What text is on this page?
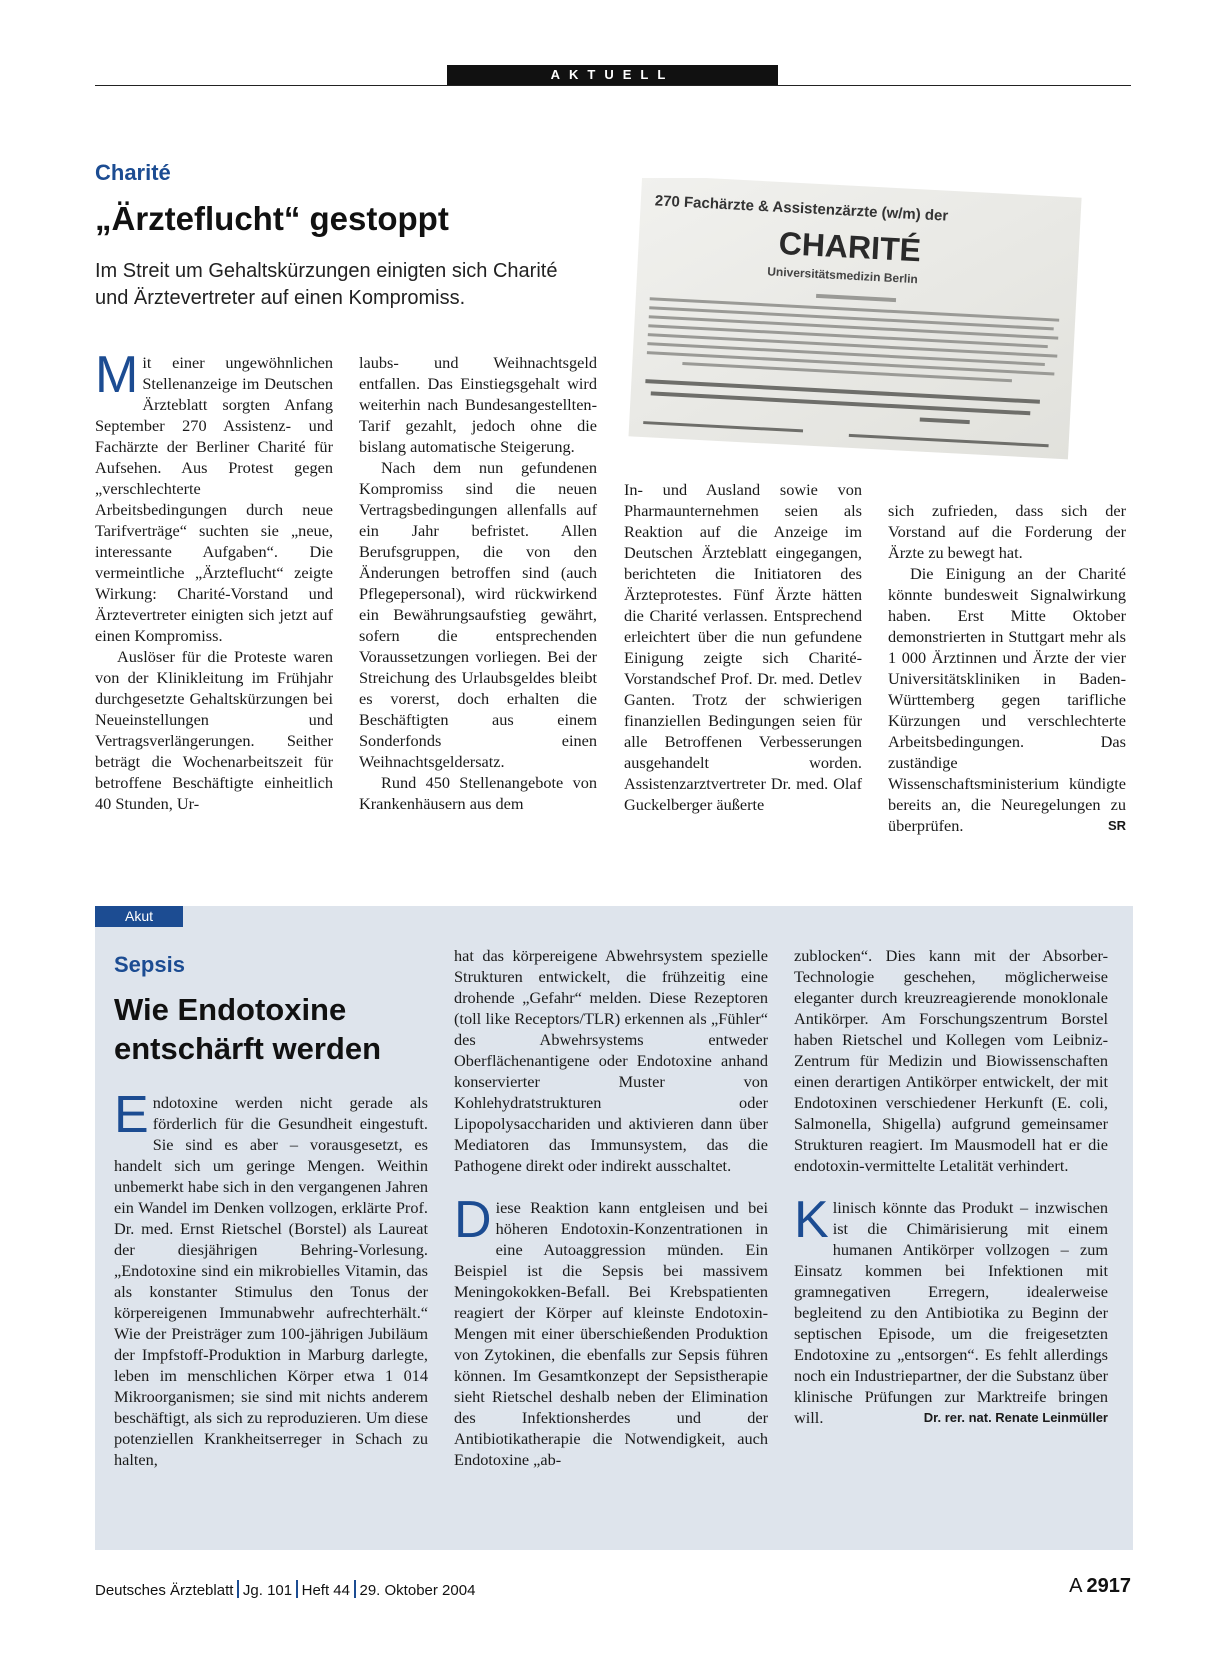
AKTUELL
Charité
„Ärzteflucht“ gestoppt
Im Streit um Gehaltskürzungen einigten sich Charité und Ärztevertreter auf einen Kompromiss.

Mit einer ungewöhnlichen Stellenanzeige im Deutschen Ärzteblatt sorgten Anfang September 270 Assistenz- und Fachärzte der Berliner Charité für Aufsehen. Aus Protest gegen „verschlechterte Arbeitsbedingungen durch neue Tarifverträge“ suchten sie „neue, interessante Aufgaben“. Die vermeintliche „Ärzteflucht“ zeigte Wirkung: Charité-Vorstand und Ärztevertreter einigten sich jetzt auf einen Kompromiss.

Auslöser für die Proteste waren von der Klinikleitung im Frühjahr durchgesetzte Gehaltskürzungen bei Neueinstellungen und Vertragsverlängerungen. Seither beträgt die Wochenarbeitszeit für betroffene Beschäftigte einheitlich 40 Stunden, Ur-

laubs- und Weihnachtsgeld entfallen. Das Einstiegsgehalt wird weiterhin nach Bundesangestellten-Tarif gezahlt, jedoch ohne die bislang automatische Steigerung.

Nach dem nun gefundenen Kompromiss sind die neuen Vertragsbedingungen allenfalls auf ein Jahr befristet. Allen Berufsgruppen, die von den Änderungen betroffen sind (auch Pflegepersonal), wird rückwirkend ein Bewährungsaufstieg gewährt, sofern die entsprechenden Voraussetzungen vorliegen. Bei der Streichung des Urlaubsgeldes bleibt es vorerst, doch erhalten die Beschäftigten aus einem Sonderfonds einen Weihnachtsgeldersatz.

Rund 450 Stellenangebote von Krankenhäusern aus dem

In- und Ausland sowie von Pharmaunternehmen seien als Reaktion auf die Anzeige im Deutschen Ärzteblatt eingegangen, berichteten die Initiatoren des Ärzteprotestes. Fünf Ärzte hätten die Charité verlassen. Entsprechend erleichtert über die nun gefundene Einigung zeigte sich Charité-Vorstandschef Prof. Dr. med. Detlev Ganten. Trotz der schwierigen finanziellen Bedingungen seien für alle Betroffenen Verbesserungen ausgehandelt worden. Assistenzarztvertreter Dr. med. Olaf Guckelberger äußerte

sich zufrieden, dass sich der Vorstand auf die Forderung der Ärzte zu bewegt hat.

Die Einigung an der Charité könnte bundesweit Signalwirkung haben. Erst Mitte Oktober demonstrierten in Stuttgart mehr als 1 000 Ärztinnen und Ärzte der vier Universitätskliniken in Baden-Württemberg gegen tarifliche Kürzungen und verschlechterte Arbeitsbedingungen. Das zuständige Wissenschaftsministerium kündigte bereits an, die Neuregelungen zu überprüfen.	SR

270 Fachärzte & Assistenzärzte (w/m) der
CHARITÉ
Universitätsmedizin Berlin
Akut
Sepsis
Wie Endotoxine
entschärft werden

Endotoxine werden nicht gerade als förderlich für die Gesundheit eingestuft. Sie sind es aber – vorausgesetzt, es handelt sich um geringe Mengen. Weithin unbemerkt habe sich in den vergangenen Jahren ein Wandel im Denken vollzogen, erklärte Prof. Dr. med. Ernst Rietschel (Borstel) als Laureat der diesjährigen Behring-Vorlesung. „Endotoxine sind ein mikrobielles Vitamin, das als konstanter Stimulus den Tonus der körpereigenen Immunabwehr aufrechterhält.“ Wie der Preisträger zum 100-jährigen Jubiläum der Impfstoff-Produktion in Marburg darlegte, leben im menschlichen Körper etwa 1 014 Mikroorganismen; sie sind mit nichts anderem beschäftigt, als sich zu reproduzieren. Um diese potenziellen Krankheitserreger in Schach zu halten,

hat das körpereigene Abwehrsystem spezielle Strukturen entwickelt, die frühzeitig eine drohende „Gefahr“ melden. Diese Rezeptoren (toll like Receptors/TLR) erkennen als „Fühler“ des Abwehrsystems entweder Oberflächenantigene oder Endotoxine anhand konservierter Muster von Kohlehydratstrukturen oder Lipopolysacchariden und aktivieren dann über Mediatoren das Immunsystem, das die Pathogene direkt oder indirekt ausschaltet.

Diese Reaktion kann entgleisen und bei höheren Endotoxin-Konzentrationen in eine Autoaggression münden. Ein Beispiel ist die Sepsis bei massivem Meningokokken-Befall. Bei Krebspatienten reagiert der Körper auf kleinste Endotoxin-Mengen mit einer überschießenden Produktion von Zytokinen, die ebenfalls zur Sepsis führen können. Im Gesamtkonzept der Sepsistherapie sieht Rietschel deshalb neben der Elimination des Infektionsherdes und der Antibiotikatherapie die Notwendigkeit, auch Endotoxine „ab-

zublocken“. Dies kann mit der Absorber-Technologie geschehen, möglicherweise eleganter durch kreuzreagierende monoklonale Antikörper. Am Forschungszentrum Borstel haben Rietschel und Kollegen vom Leibniz-Zentrum für Medizin und Biowissenschaften einen derartigen Antikörper entwickelt, der mit Endotoxinen verschiedener Herkunft (E. coli, Salmonella, Shigella) aufgrund gemeinsamer Strukturen reagiert. Im Mausmodell hat er die endotoxin-vermittelte Letalität verhindert.

Klinisch könnte das Produkt – inzwischen ist die Chimärisierung mit einem humanen Antikörper vollzogen – zum Einsatz kommen bei Infektionen mit gramnegativen Erregern, idealerweise begleitend zu den Antibiotika zu Beginn der septischen Episode, um die freigesetzten Endotoxine zu „entsorgen“. Es fehlt allerdings noch ein Industriepartner, der die Substanz über klinische Prüfungen zur Marktreife bringen will.	Dr. rer. nat. Renate Leinmüller

Deutsches Ärzteblatt Jg. 101 Heft 44 29. Oktober 2004	A  2917
